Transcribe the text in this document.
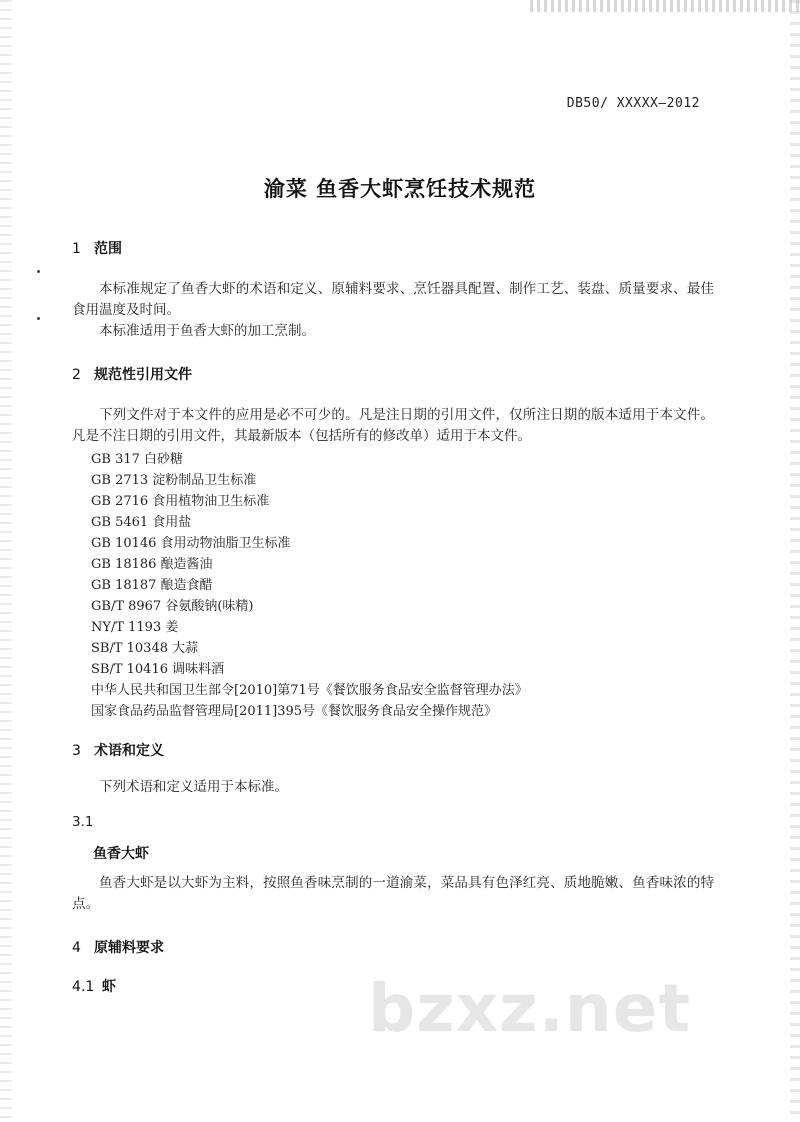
DB50/ XXXXX—2012
渝菜 鱼香大虾烹饪技术规范
1 范围
本标准规定了鱼香大虾的术语和定义、原辅料要求、烹饪器具配置、制作工艺、装盘、质量要求、最佳食用温度及时间。
本标准适用于鱼香大虾的加工烹制。
2 规范性引用文件
下列文件对于本文件的应用是必不可少的。凡是注日期的引用文件，仅所注日期的版本适用于本文件。凡是不注日期的引用文件，其最新版本（包括所有的修改单）适用于本文件。
GB 317 白砂糖
GB 2713 淀粉制品卫生标准
GB 2716 食用植物油卫生标准
GB 5461 食用盐
GB 10146 食用动物油脂卫生标准
GB 18186 酿造酱油
GB 18187 酿造食醋
GB/T 8967 谷氨酸钠(味精)
NY/T 1193 姜
SB/T 10348 大蒜
SB/T 10416 调味料酒
中华人民共和国卫生部令[2010]第71号《餐饮服务食品安全监督管理办法》
国家食品药品监督管理局[2011]395号《餐饮服务食品安全操作规范》
3 术语和定义
下列术语和定义适用于本标准。
3.1
鱼香大虾
鱼香大虾是以大虾为主料，按照鱼香味烹制的一道渝菜，菜品具有色泽红亮、质地脆嫩、鱼香味浓的特点。
4 原辅料要求
4.1 虾	bzxz.net
